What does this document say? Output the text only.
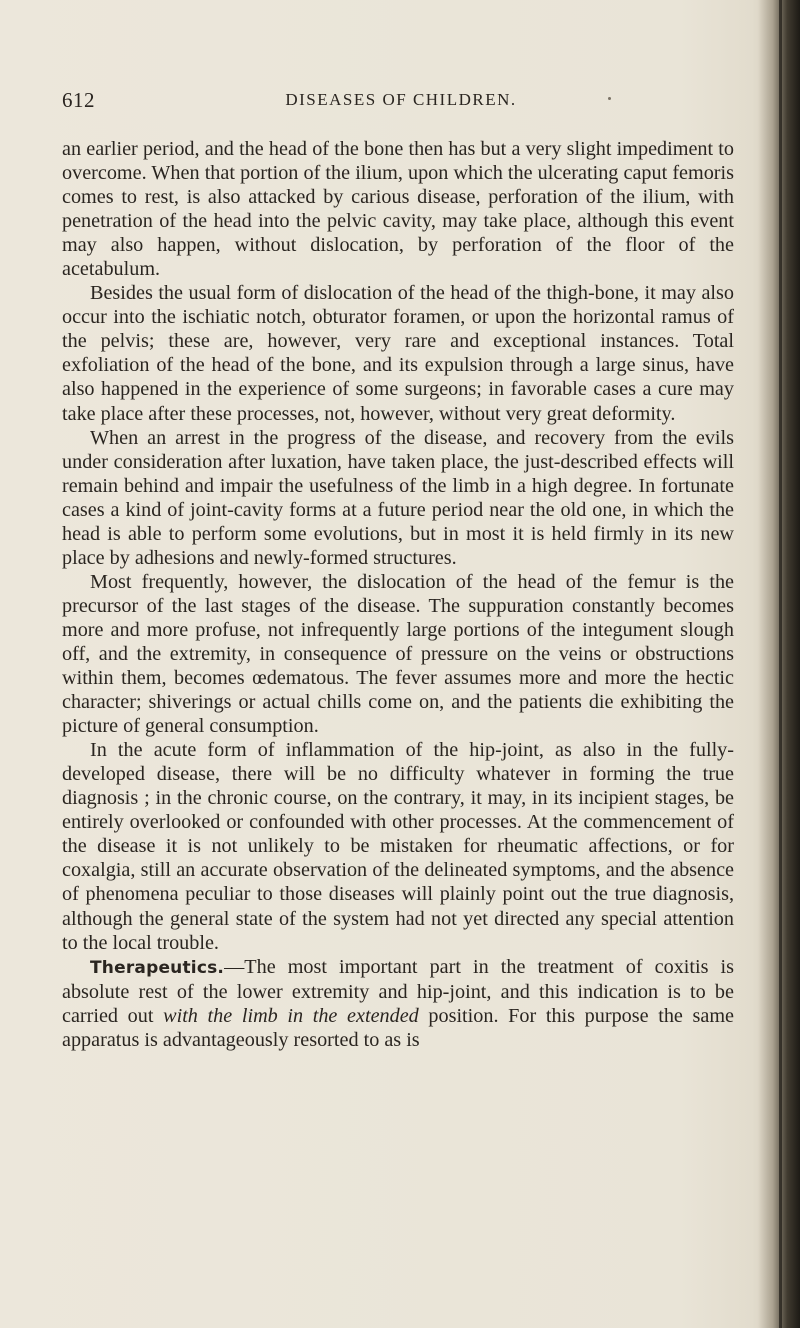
612	DISEASES OF CHILDREN.

an earlier period, and the head of the bone then has but a very slight impediment to overcome. When that portion of the ilium, upon which the ulcerating caput femoris comes to rest, is also attacked by carious disease, perforation of the ilium, with penetration of the head into the pelvic cavity, may take place, although this event may also happen, without dislocation, by perforation of the floor of the acetabulum.

Besides the usual form of dislocation of the head of the thigh-bone, it may also occur into the ischiatic notch, obturator foramen, or upon the horizontal ramus of the pelvis; these are, however, very rare and exceptional instances. Total exfoliation of the head of the bone, and its expulsion through a large sinus, have also happened in the experience of some surgeons; in favorable cases a cure may take place after these processes, not, however, without very great deformity.

When an arrest in the progress of the disease, and recovery from the evils under consideration after luxation, have taken place, the just-described effects will remain behind and impair the usefulness of the limb in a high degree. In fortunate cases a kind of joint-cavity forms at a future period near the old one, in which the head is able to perform some evolutions, but in most it is held firmly in its new place by adhesions and newly-formed structures.

Most frequently, however, the dislocation of the head of the femur is the precursor of the last stages of the disease. The suppuration constantly becomes more and more profuse, not infrequently large portions of the integument slough off, and the extremity, in consequence of pressure on the veins or obstructions within them, becomes œdematous. The fever assumes more and more the hectic character; shiverings or actual chills come on, and the patients die exhibiting the picture of general consumption.

In the acute form of inflammation of the hip-joint, as also in the fully-developed disease, there will be no difficulty whatever in forming the true diagnosis ; in the chronic course, on the contrary, it may, in its incipient stages, be entirely overlooked or confounded with other processes. At the commencement of the disease it is not unlikely to be mistaken for rheumatic affections, or for coxalgia, still an accurate observation of the delineated symptoms, and the absence of phenomena peculiar to those diseases will plainly point out the true diagnosis, although the general state of the system had not yet directed any special attention to the local trouble.

Therapeutics.—The most important part in the treatment of coxitis is absolute rest of the lower extremity and hip-joint, and this indication is to be carried out with the limb in the extended position. For this purpose the same apparatus is advantageously resorted to as is
